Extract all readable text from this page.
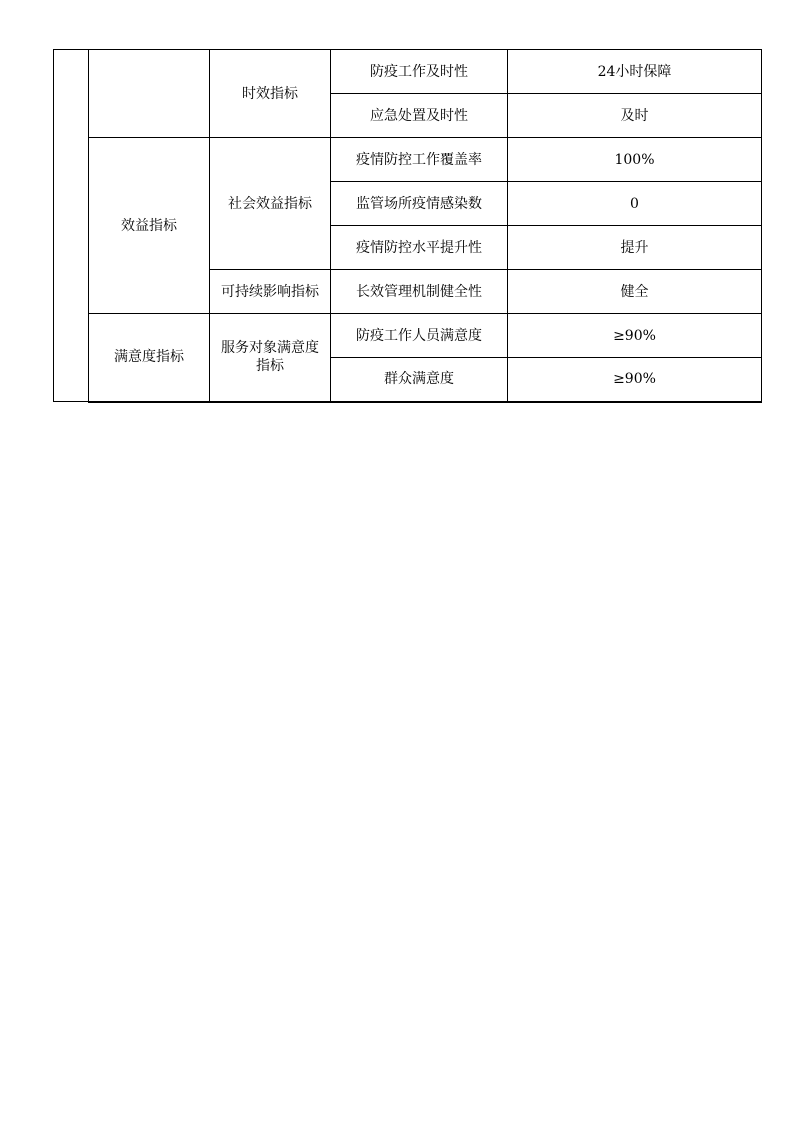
		时效指标	防疫工作及时性	24小时保障
			应急处置及时性	及时
	效益指标	社会效益指标	疫情防控工作覆盖率	100%
			监管场所疫情感染数	0
			疫情防控水平提升性	提升
		可持续影响指标	长效管理机制健全性	健全
	满意度指标	服务对象满意度指标	防疫工作人员满意度	≥90%
			群众满意度	≥90%
